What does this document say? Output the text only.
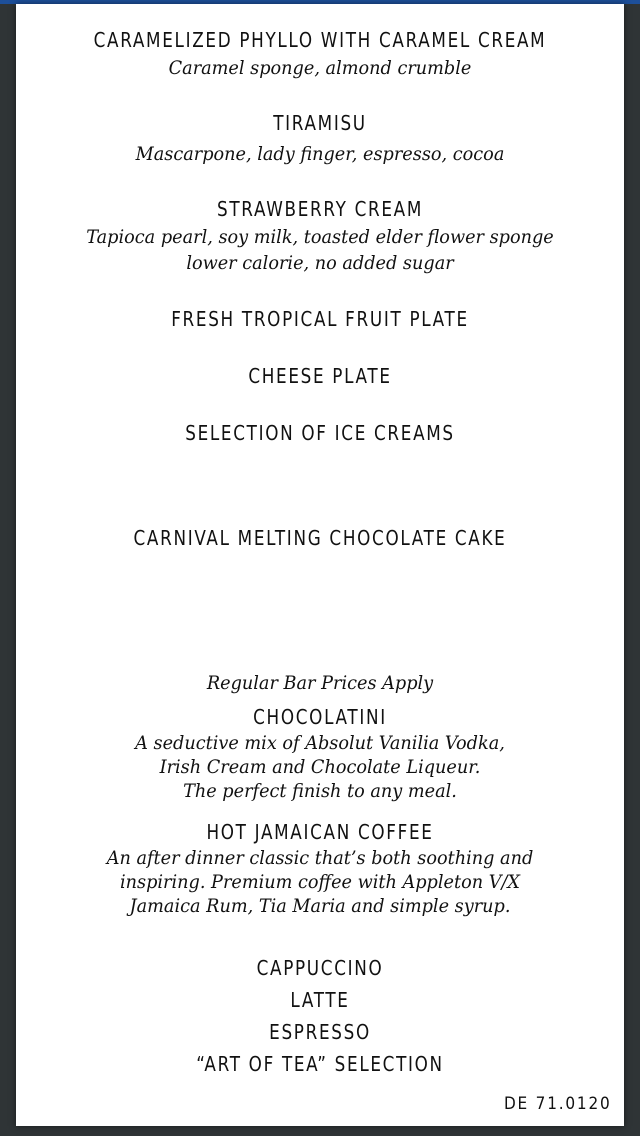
CARAMELIZED PHYLLO WITH CARAMEL CREAM
Caramel sponge, almond crumble
TIRAMISU
Mascarpone, lady finger, espresso, cocoa
STRAWBERRY CREAM
Tapioca pearl, soy milk, toasted elder flower sponge
lower calorie, no added sugar
FRESH TROPICAL FRUIT PLATE
CHEESE PLATE
SELECTION OF ICE CREAMS
CARNIVAL MELTING CHOCOLATE CAKE
Regular Bar Prices Apply
CHOCOLATINI
A seductive mix of Absolut Vanilia Vodka,
Irish Cream and Chocolate Liqueur.
The perfect finish to any meal.
HOT JAMAICAN COFFEE
An after dinner classic that’s both soothing and
inspiring. Premium coffee with Appleton V/X
Jamaica Rum, Tia Maria and simple syrup.
CAPPUCCINO
LATTE
ESPRESSO
“ART OF TEA” SELECTION
DE 71.0120
